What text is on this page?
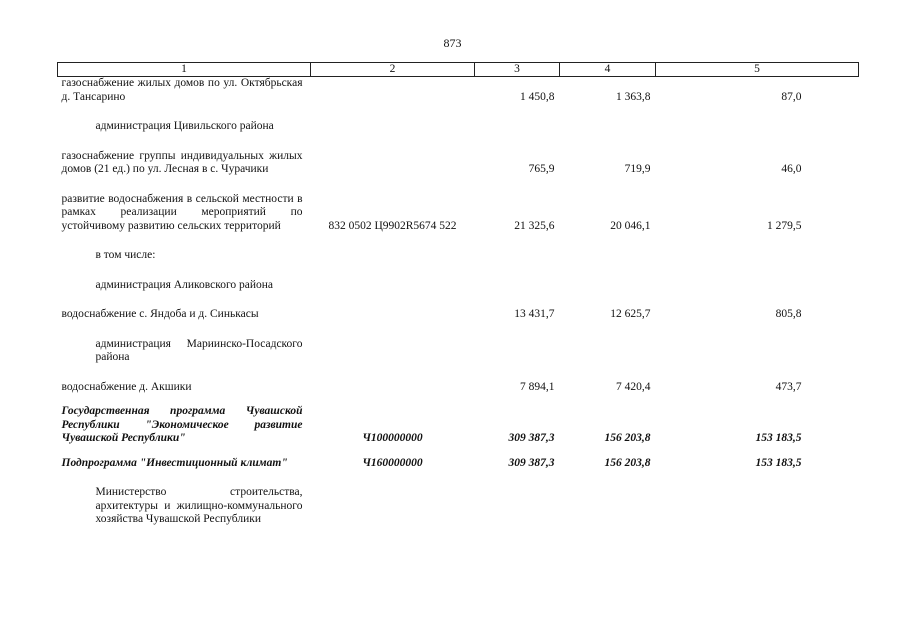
873
1	2	3	4	5
газоснабжение жилых домов по ул. Октябрьская д. Тансарино		1 450,8	1 363,8	87,0

администрация Цивильского района				

газоснабжение группы индивидуальных жилых домов (21 ед.) по ул. Лесная в с. Чурачики		765,9	719,9	46,0

развитие водоснабжения в сельской местности в рамках реализации мероприятий по устойчивому развитию сельских территорий	832 0502 Ц9902R5674 522	21 325,6	20 046,1	1 279,5

в том числе:				

администрация Аликовского района				

водоснабжение с. Яндоба и д. Синькасы		13 431,7	12 625,7	805,8

администрация Мариинско-Посадского района				

водоснабжение д. Акшики		7 894,1	7 420,4	473,7

Государственная программа Чувашской Республики "Экономическое развитие Чувашской Республики"	Ч100000000	309 387,3	156 203,8	153 183,5

Подпрограмма "Инвестиционный климат"	Ч160000000	309 387,3	156 203,8	153 183,5

Министерство строительства, архитектуры и жилищно-коммунального хозяйства Чувашской Республики				
